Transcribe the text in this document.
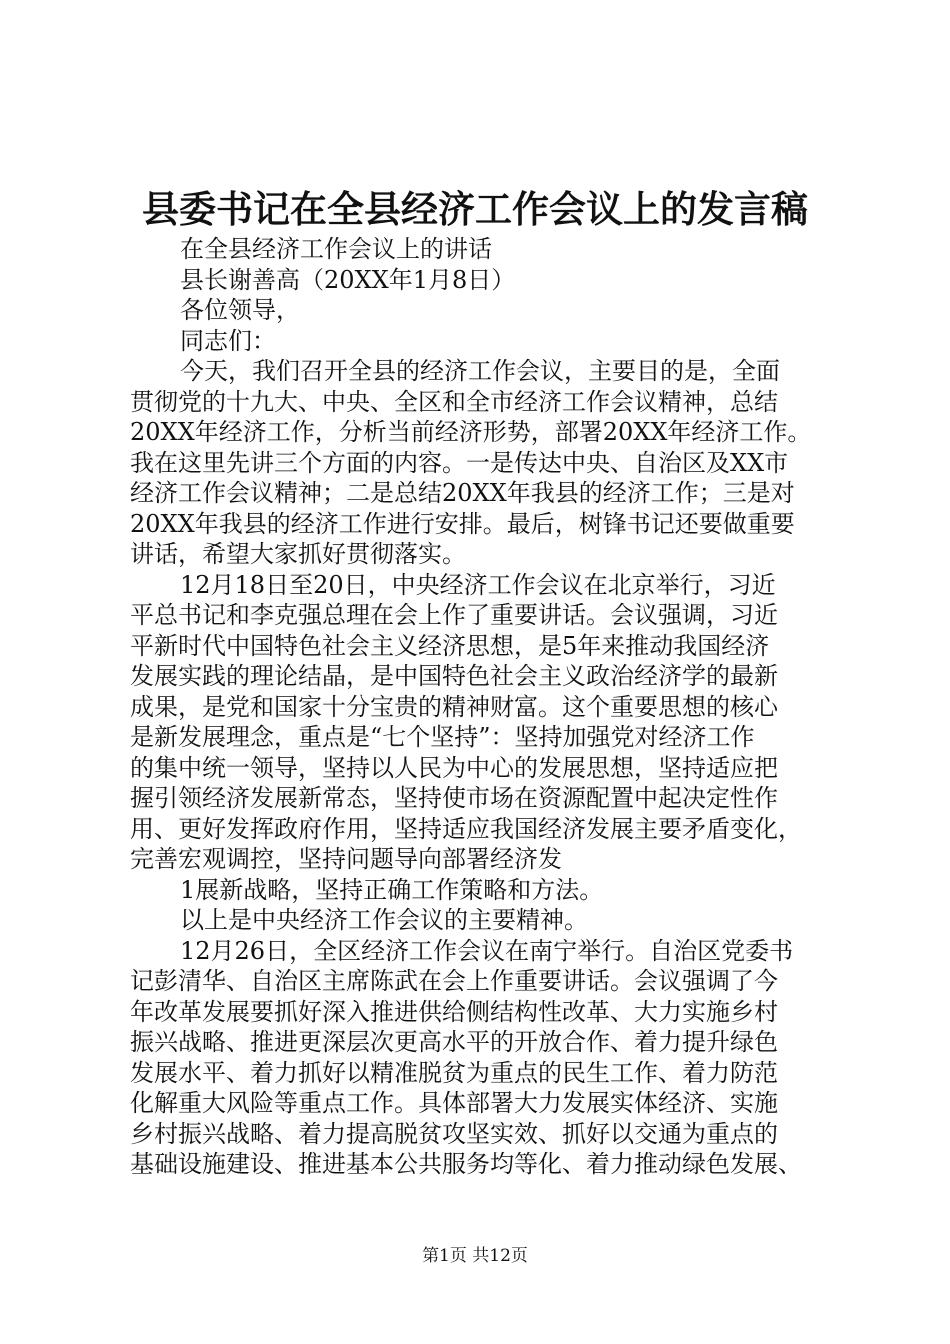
县委书记在全县经济工作会议上的发言稿
在全县经济工作会议上的讲话
县长谢善高（20XX年1月8日）
各位领导，
同志们：
今天，我们召开全县的经济工作会议，主要目的是，全面
贯彻党的十九大、中央、全区和全市经济工作会议精神，总结
20XX年经济工作，分析当前经济形势，部署20XX年经济工作。
我在这里先讲三个方面的内容。一是传达中央、自治区及XX市
经济工作会议精神；二是总结20XX年我县的经济工作；三是对
20XX年我县的经济工作进行安排。最后，树锋书记还要做重要
讲话，希望大家抓好贯彻落实。
12月18日至20日，中央经济工作会议在北京举行，习近
平总书记和李克强总理在会上作了重要讲话。会议强调，习近
平新时代中国特色社会主义经济思想，是5年来推动我国经济
发展实践的理论结晶，是中国特色社会主义政治经济学的最新
成果，是党和国家十分宝贵的精神财富。这个重要思想的核心
是新发展理念，重点是“七个坚持”：坚持加强党对经济工作
的集中统一领导，坚持以人民为中心的发展思想，坚持适应把
握引领经济发展新常态，坚持使市场在资源配置中起决定性作
用、更好发挥政府作用，坚持适应我国经济发展主要矛盾变化，
完善宏观调控，坚持问题导向部署经济发
1展新战略，坚持正确工作策略和方法。
以上是中央经济工作会议的主要精神。
12月26日，全区经济工作会议在南宁举行。自治区党委书
记彭清华、自治区主席陈武在会上作重要讲话。会议强调了今
年改革发展要抓好深入推进供给侧结构性改革、大力实施乡村
振兴战略、推进更深层次更高水平的开放合作、着力提升绿色
发展水平、着力抓好以精准脱贫为重点的民生工作、着力防范
化解重大风险等重点工作。具体部署大力发展实体经济、实施
乡村振兴战略、着力提高脱贫攻坚实效、抓好以交通为重点的
基础设施建设、推进基本公共服务均等化、着力推动绿色发展、
第1页 共12页
